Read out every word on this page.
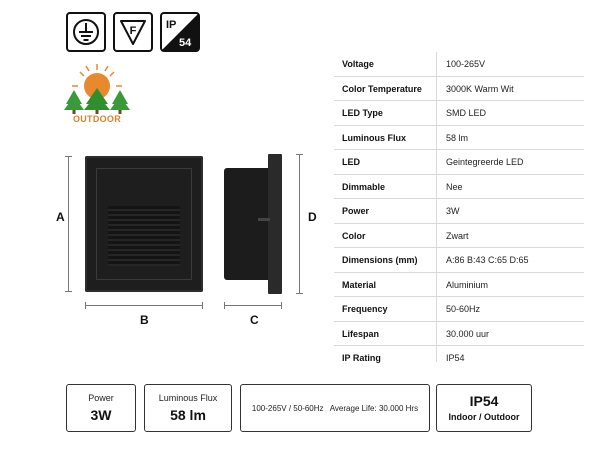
F	IP
54
OUTDOOR
A
B	C
D
Voltage	100-265V
Color Temperature	3000K Warm Wit
LED Type	SMD LED
Luminous Flux	58 lm
LED	Geintegreerde LED
Dimmable	Nee
Power	3W
Color	Zwart
Dimensions (mm)	A:86 B:43 C:65 D:65
Material	Aluminium
Frequency	50-60Hz
Lifespan	30.000 uur
IP Rating	IP54
Power
3W
Luminous Flux
58 lm	100-265V / 50-60Hz   Average Life: 30.000 Hrs	IP54
Indoor / Outdoor
